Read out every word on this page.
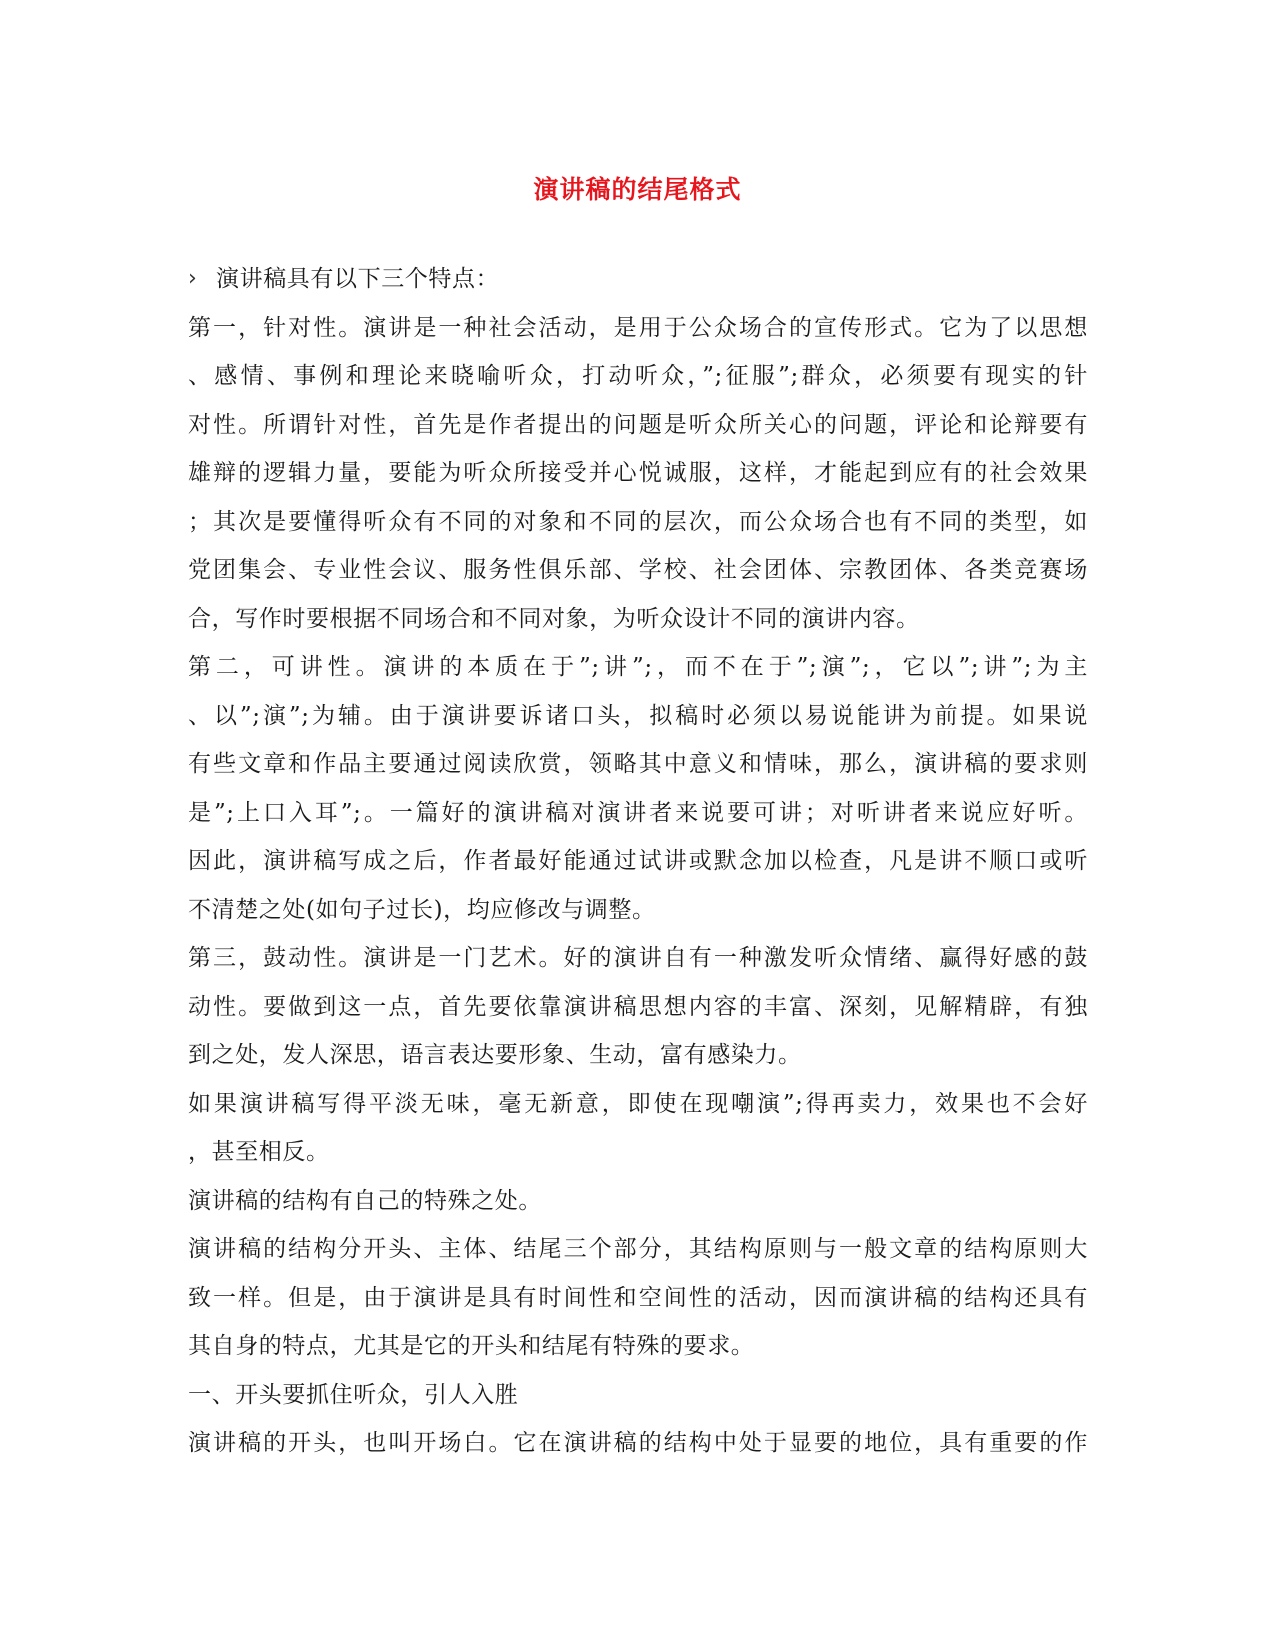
演讲稿的结尾格式
› 演讲稿具有以下三个特点：
第一，针对性。演讲是一种社会活动，是用于公众场合的宣传形式。它为了以思想
、感情、事例和理论来晓喻听众，打动听众，”;征服”;群众，必须要有现实的针
对性。所谓针对性，首先是作者提出的问题是听众所关心的问题，评论和论辩要有
雄辩的逻辑力量，要能为听众所接受并心悦诚服，这样，才能起到应有的社会效果
；其次是要懂得听众有不同的对象和不同的层次，而公众场合也有不同的类型，如
党团集会、专业性会议、服务性俱乐部、学校、社会团体、宗教团体、各类竞赛场
合，写作时要根据不同场合和不同对象，为听众设计不同的演讲内容。
第二，可讲性。演讲的本质在于”;讲”;，而不在于”;演”;，它以”;讲”;为主
、以”;演”;为辅。由于演讲要诉诸口头，拟稿时必须以易说能讲为前提。如果说
有些文章和作品主要通过阅读欣赏，领略其中意义和情味，那么，演讲稿的要求则
是”;上口入耳”;。一篇好的演讲稿对演讲者来说要可讲；对听讲者来说应好听。
因此，演讲稿写成之后，作者最好能通过试讲或默念加以检查，凡是讲不顺口或听
不清楚之处(如句子过长)，均应修改与调整。
第三，鼓动性。演讲是一门艺术。好的演讲自有一种激发听众情绪、赢得好感的鼓
动性。要做到这一点，首先要依靠演讲稿思想内容的丰富、深刻，见解精辟，有独
到之处，发人深思，语言表达要形象、生动，富有感染力。
如果演讲稿写得平淡无味，毫无新意，即使在现嘲演”;得再卖力，效果也不会好
，甚至相反。
演讲稿的结构有自己的特殊之处。
演讲稿的结构分开头、主体、结尾三个部分，其结构原则与一般文章的结构原则大
致一样。但是，由于演讲是具有时间性和空间性的活动，因而演讲稿的结构还具有
其自身的特点，尤其是它的开头和结尾有特殊的要求。
一、开头要抓住听众，引人入胜
演讲稿的开头，也叫开场白。它在演讲稿的结构中处于显要的地位，具有重要的作
